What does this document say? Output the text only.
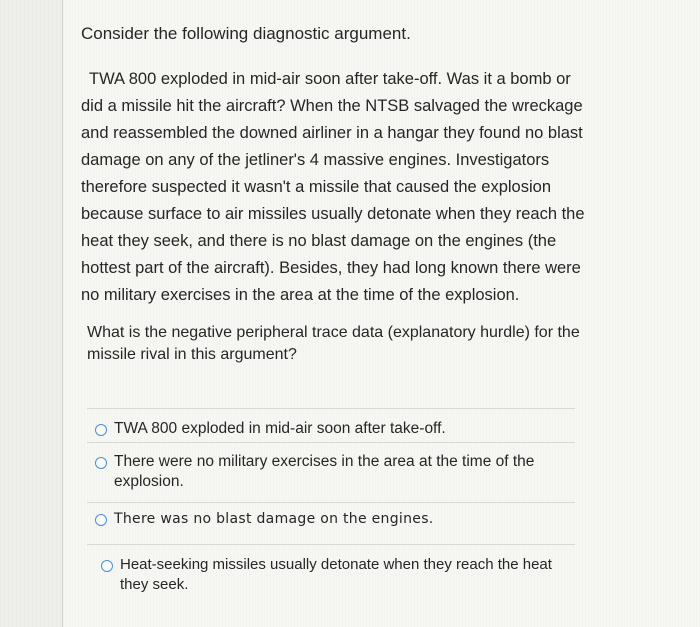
Consider the following diagnostic argument.

TWA 800 exploded in mid-air soon after take-off. Was it a bomb or did a missile hit the aircraft? When the NTSB salvaged the wreckage and reassembled the downed airliner in a hangar they found no blast damage on any of the jetliner's 4 massive engines. Investigators therefore suspected it wasn't a missile that caused the explosion because surface to air missiles usually detonate when they reach the heat they seek, and there is no blast damage on the engines (the hottest part of the aircraft). Besides, they had long known there were no military exercises in the area at the time of the explosion.

What is the negative peripheral trace data (explanatory hurdle) for the missile rival in this argument?

TWA 800 exploded in mid-air soon after take-off.
There were no military exercises in the area at the time of the explosion.
There was no blast damage on the engines.
Heat-seeking missiles usually detonate when they reach the heat they seek.
